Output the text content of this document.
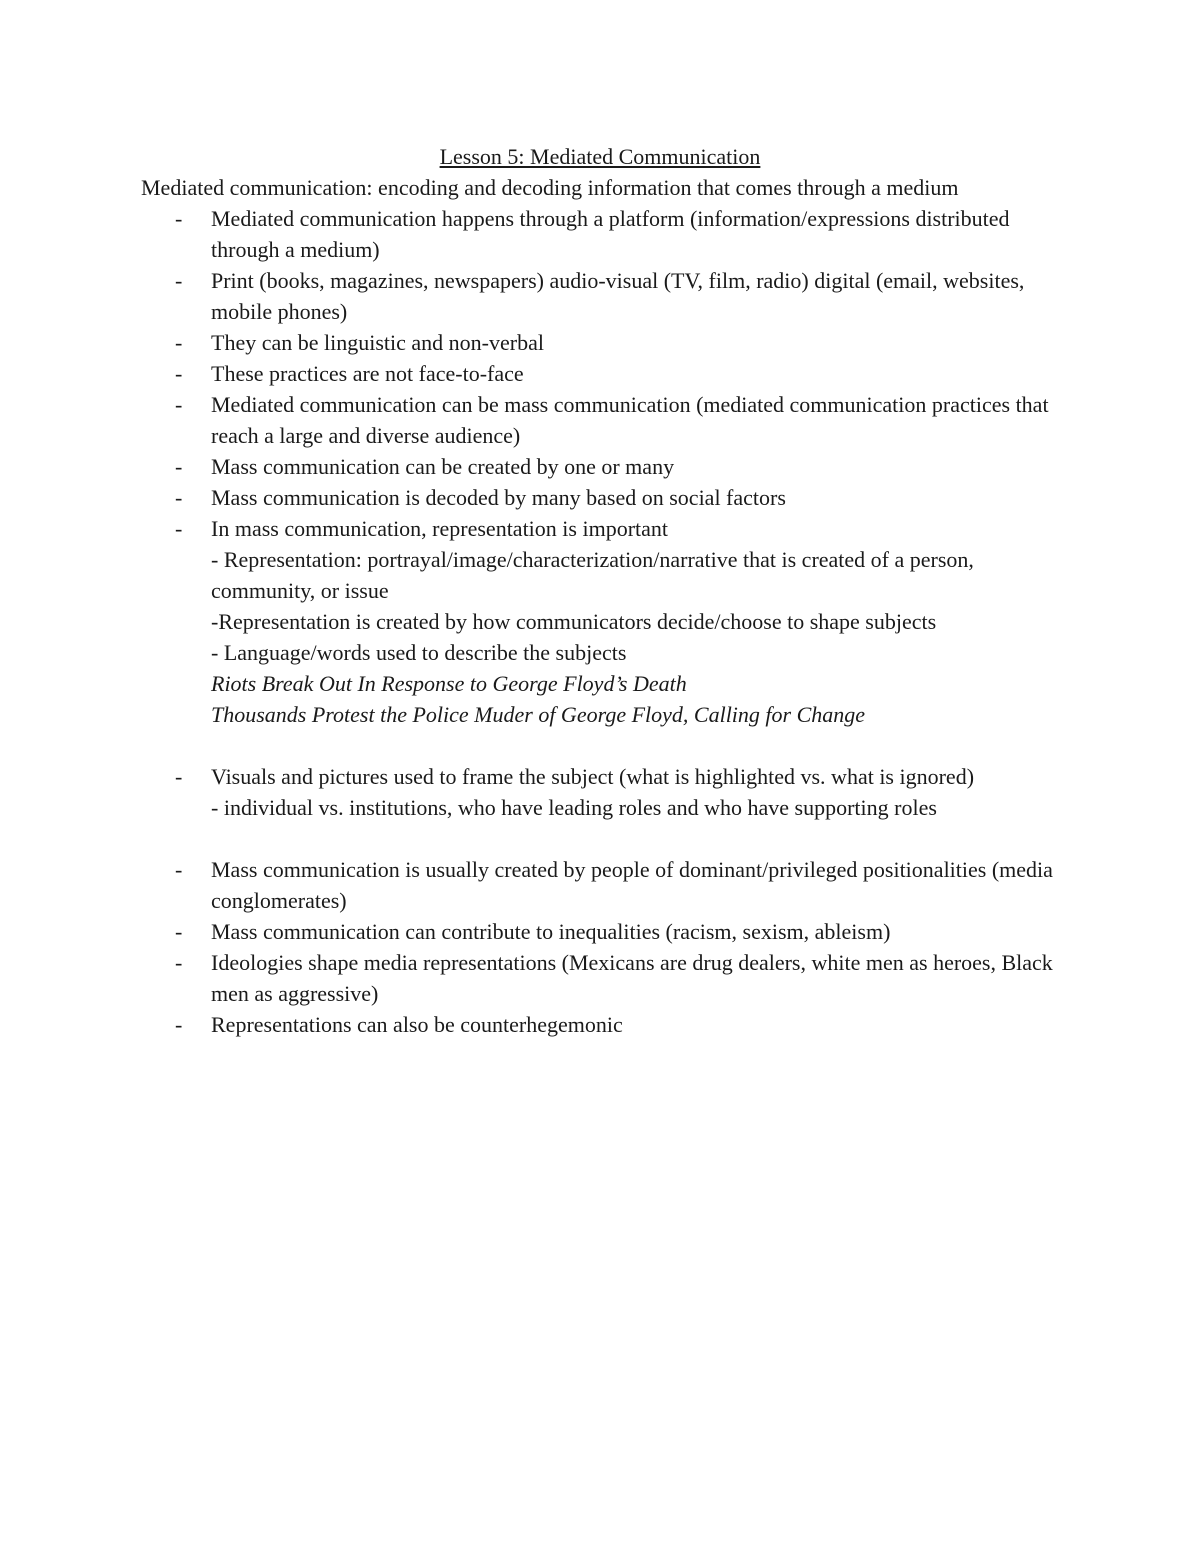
Lesson 5: Mediated Communication

Mediated communication: encoding and decoding information that comes through a medium

- Mediated communication happens through a platform (information/expressions distributed through a medium)
- Print (books, magazines, newspapers) audio-visual (TV, film, radio) digital (email, websites, mobile phones)
- They can be linguistic and non-verbal
- These practices are not face-to-face
- Mediated communication can be mass communication (mediated communication practices that reach a large and diverse audience)
- Mass communication can be created by one or many
- Mass communication is decoded by many based on social factors
- In mass communication, representation is important
- Representation: portrayal/image/characterization/narrative that is created of a person, community, or issue
-Representation is created by how communicators decide/choose to shape subjects
- Language/words used to describe the subjects
Riots Break Out In Response to George Floyd’s Death
Thousands Protest the Police Muder of George Floyd, Calling for Change
- Visuals and pictures used to frame the subject (what is highlighted vs. what is ignored)
- individual vs. institutions, who have leading roles and who have supporting roles
- Mass communication is usually created by people of dominant/privileged positionalities (media conglomerates)
- Mass communication can contribute to inequalities (racism, sexism, ableism)
- Ideologies shape media representations (Mexicans are drug dealers, white men as heroes, Black men as aggressive)
- Representations can also be counterhegemonic
